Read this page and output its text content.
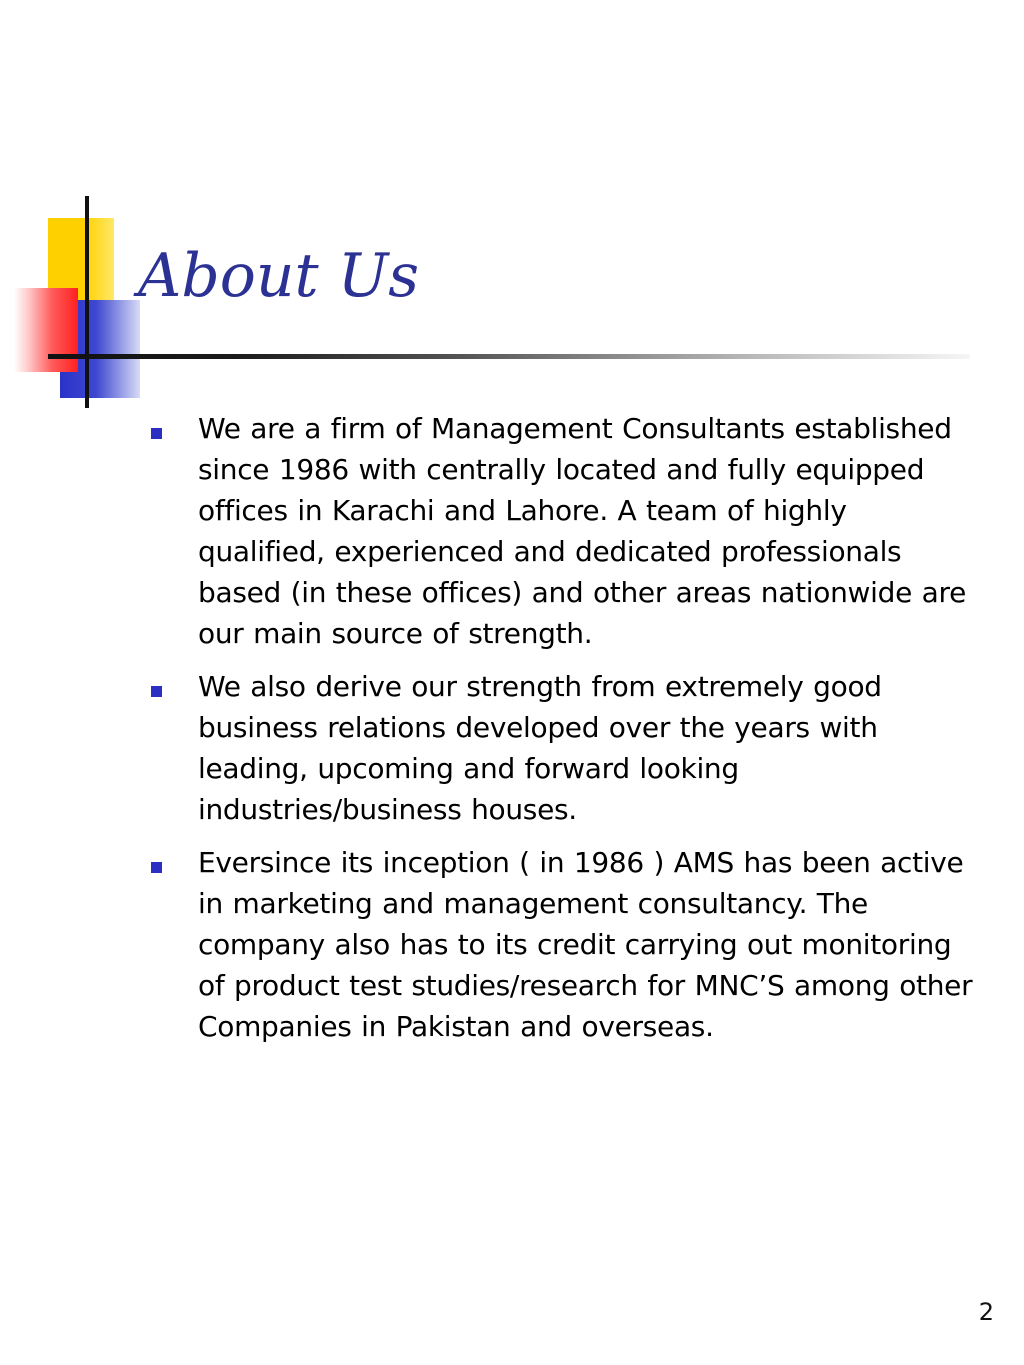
About Us
We are a firm of Management Consultants established since 1986 with centrally located and fully equipped offices in Karachi and Lahore. A team of highly qualified, experienced and dedicated professionals based (in these offices) and other areas nationwide are our main source of strength.
We also derive our strength from extremely good business relations developed over the years with leading, upcoming and forward looking industries/business houses.
Eversince its inception ( in 1986 ) AMS has been active in marketing and management consultancy. The company also has to its credit carrying out monitoring of product test studies/research for MNC’S among other Companies in Pakistan and overseas.
2
